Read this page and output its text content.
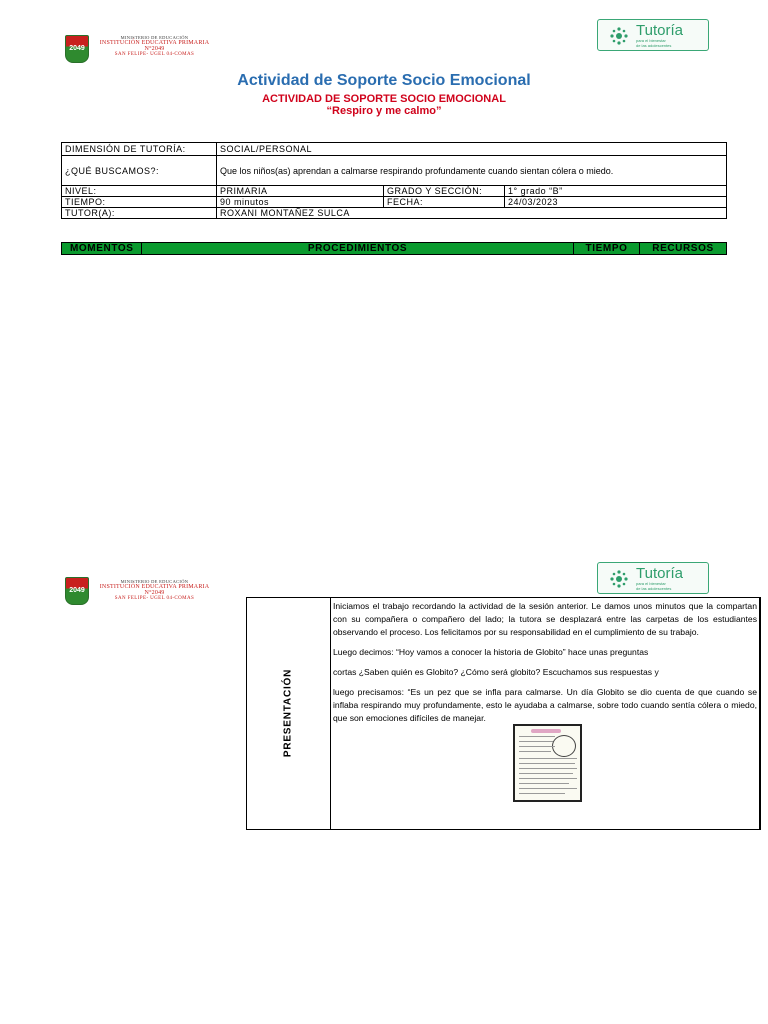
2049
MINISTERIO DE EDUCACIÓN
INSTITUCIÓN EDUCATIVA PRIMARIA N°2049
SAN FELIPE- UGEL 04-COMAS
Tutoría
para el bienestar
de las adolescentes
Actividad de Soporte Socio Emocional
ACTIVIDAD DE SOPORTE SOCIO EMOCIONAL
“Respiro y me calmo”
DIMENSIÓN DE TUTORÍA:	SOCIAL/PERSONAL		
¿QUÉ BUSCAMOS?:	Que los niños(as) aprendan a calmarse respirando profundamente cuando sientan cólera o miedo.		
NIVEL:	PRIMARIA	GRADO Y SECCIÓN:	1° grado “B”
TIEMPO:	90 minutos	FECHA:	24/03/2023
TUTOR(A):	ROXANI MONTAÑEZ SULCA		
MOMENTOS	PROCEDIMIENTOS	TIEMPO	RECURSOS
2049
MINISTERIO DE EDUCACIÓN
INSTITUCIÓN EDUCATIVA PRIMARIA N°2049
SAN FELIPE- UGEL 04-COMAS
Tutoría
para el bienestar
de las adolescentes
PRESENTACIÓN

Iniciamos el trabajo recordando la actividad de la sesión anterior. Le damos unos minutos que la compartan con su compañera o compañero del lado; la tutora se desplazará entre las carpetas de los estudiantes observando el proceso. Los felicitamos por su responsabilidad en el cumplimiento de su trabajo.

Luego decimos: “Hoy vamos a conocer la historia de Globito” hace unas preguntas

cortas ¿Saben quién es Globito? ¿Cómo será globito? Escuchamos sus respuestas y

luego precisamos: “Es un pez que se infla para calmarse. Un día Globito se dio cuenta de que cuando se inflaba respirando muy profundamente, esto le ayudaba a calmarse, sobre todo cuando sentía cólera o miedo, que son emociones difíciles de manejar.
